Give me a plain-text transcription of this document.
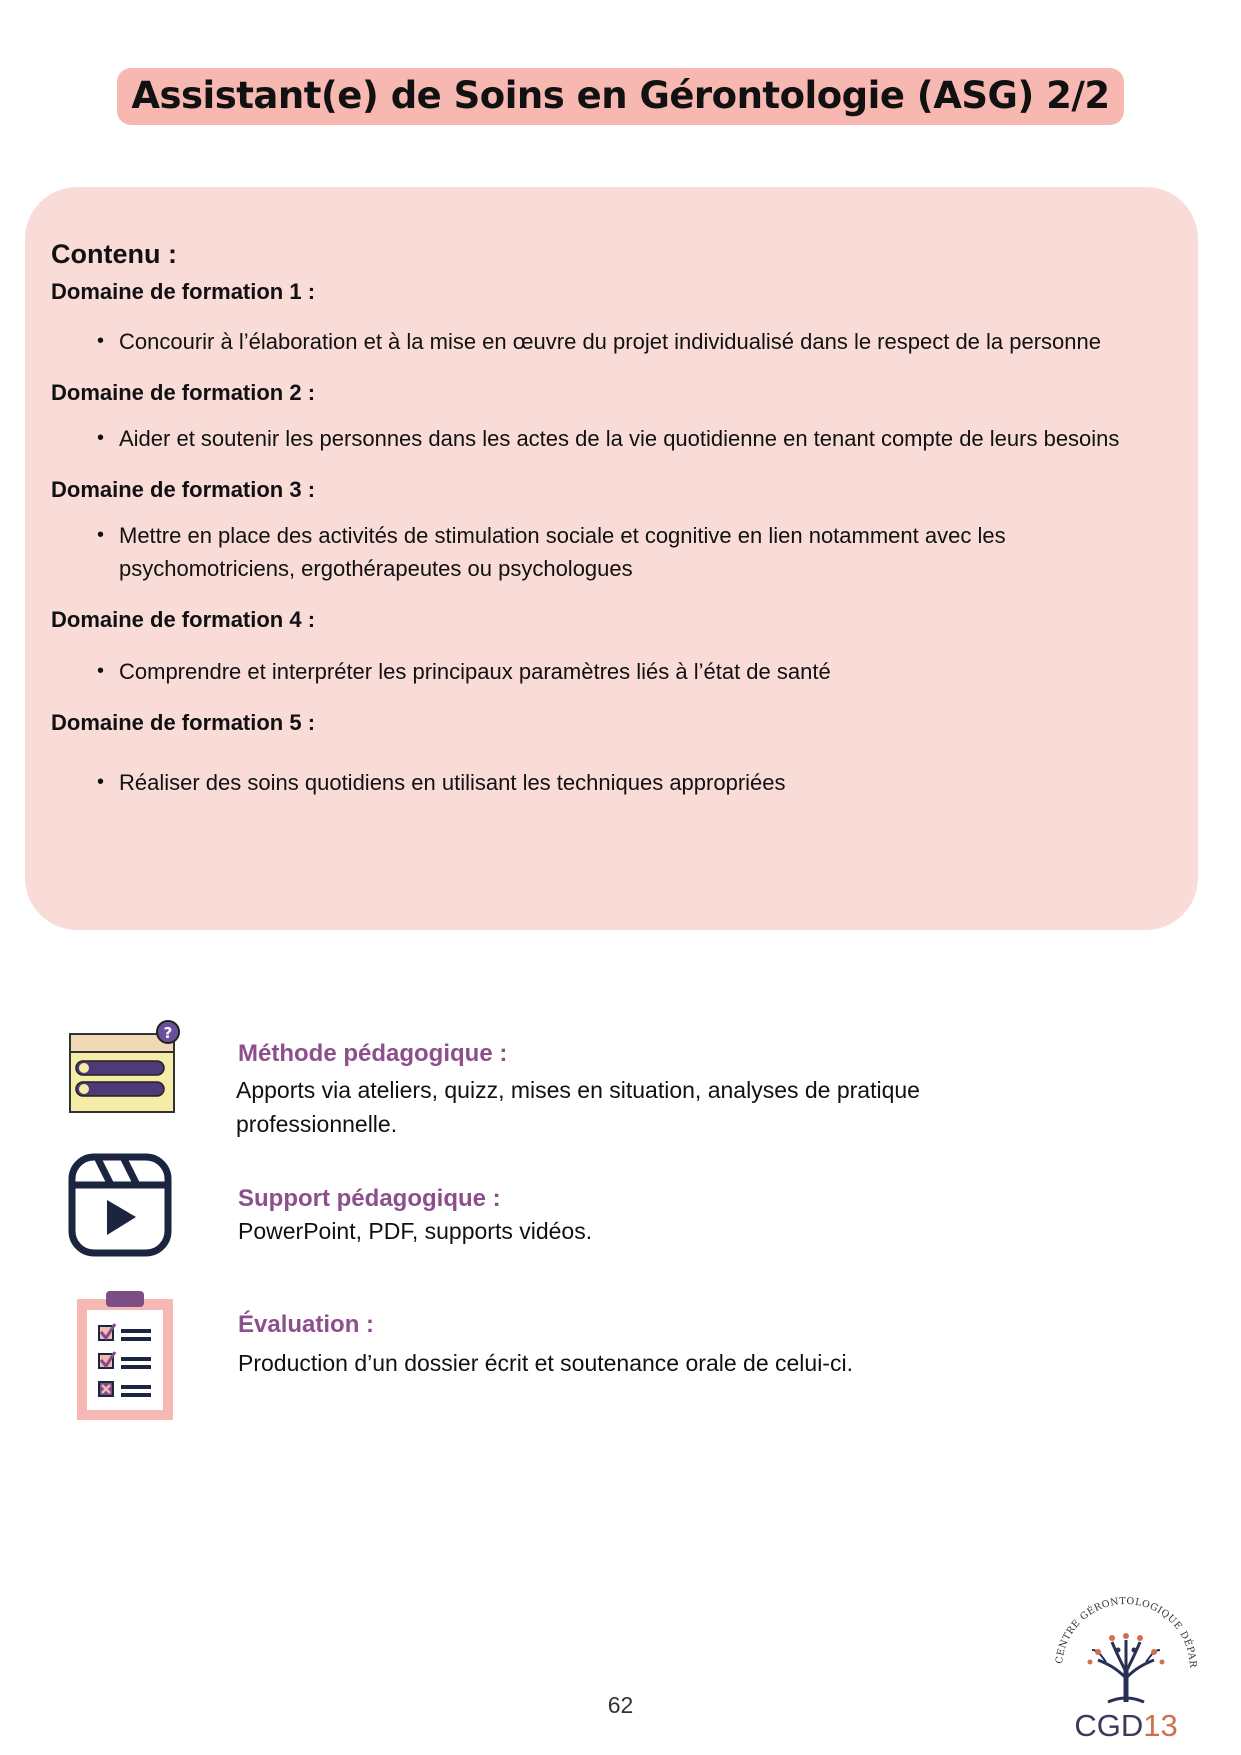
Assistant(e) de Soins en Gérontologie (ASG) 2/2
Contenu :
Domaine de formation 1 :
• Concourir à l’élaboration et à la mise en œuvre du projet individualisé dans le respect de la personne
Domaine de formation 2 :
• Aider et soutenir les personnes dans les actes de la vie quotidienne en tenant compte de leurs besoins
Domaine de formation 3 :
• Mettre en place des activités de stimulation sociale et cognitive en lien notamment avec les psychomotriciens, ergothérapeutes ou psychologues
Domaine de formation 4 :
• Comprendre et interpréter les principaux paramètres liés à l’état de santé
Domaine de formation 5 :
• Réaliser des soins quotidiens en utilisant les techniques appropriées
?
Méthode pédagogique :
Apports via ateliers, quizz, mises en situation, analyses de pratique professionnelle.
Support pédagogique :
PowerPoint, PDF, supports vidéos.
Évaluation :
Production d’un dossier écrit et soutenance orale de celui-ci.
62
CENTRE GÉRONTOLOGIQUE DÉPAR
CGD13
